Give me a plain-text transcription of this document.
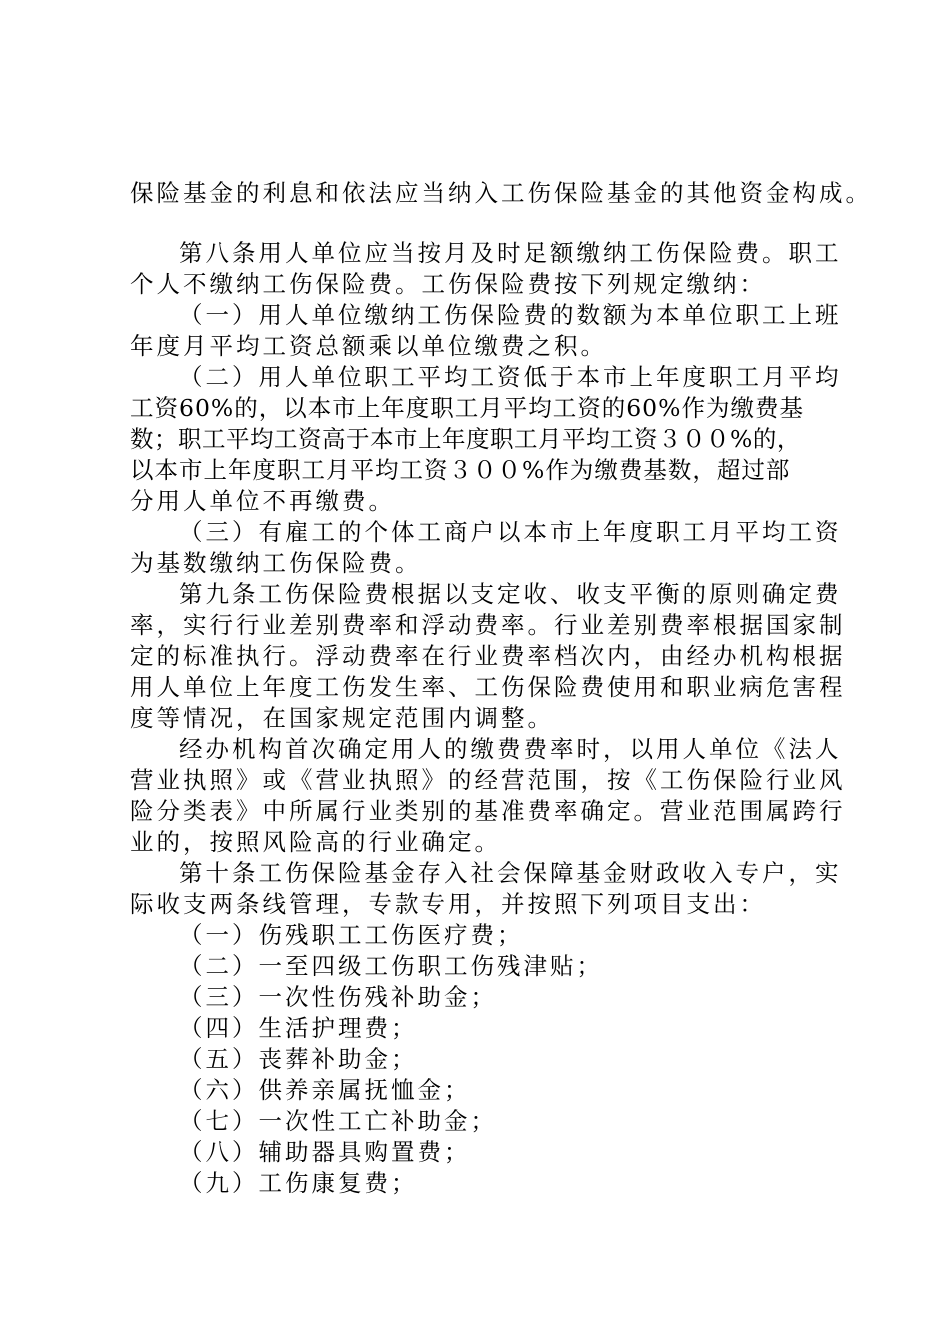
保险基金的利息和依法应当纳入工伤保险基金的其他资金构成。
第八条用人单位应当按月及时足额缴纳工伤保险费。职工
个人不缴纳工伤保险费。工伤保险费按下列规定缴纳：
（一）用人单位缴纳工伤保险费的数额为本单位职工上班
年度月平均工资总额乘以单位缴费之积。
（二）用人单位职工平均工资低于本市上年度职工月平均
工资60%的，以本市上年度职工月平均工资的60%作为缴费基
数；职工平均工资高于本市上年度职工月平均工资３００%的，
以本市上年度职工月平均工资３００%作为缴费基数，超过部
分用人单位不再缴费。
（三）有雇工的个体工商户以本市上年度职工月平均工资
为基数缴纳工伤保险费。
第九条工伤保险费根据以支定收、收支平衡的原则确定费
率，实行行业差别费率和浮动费率。行业差别费率根据国家制
定的标准执行。浮动费率在行业费率档次内，由经办机构根据
用人单位上年度工伤发生率、工伤保险费使用和职业病危害程
度等情况，在国家规定范围内调整。
经办机构首次确定用人的缴费费率时，以用人单位《法人
营业执照》或《营业执照》的经营范围，按《工伤保险行业风
险分类表》中所属行业类别的基准费率确定。营业范围属跨行
业的，按照风险高的行业确定。
第十条工伤保险基金存入社会保障基金财政收入专户，实
际收支两条线管理，专款专用，并按照下列项目支出：
（一）伤残职工工伤医疗费；
（二）一至四级工伤职工伤残津贴；
（三）一次性伤残补助金；
（四）生活护理费；
（五）丧葬补助金；
（六）供养亲属抚恤金；
（七）一次性工亡补助金；
（八）辅助器具购置费；
（九）工伤康复费；
